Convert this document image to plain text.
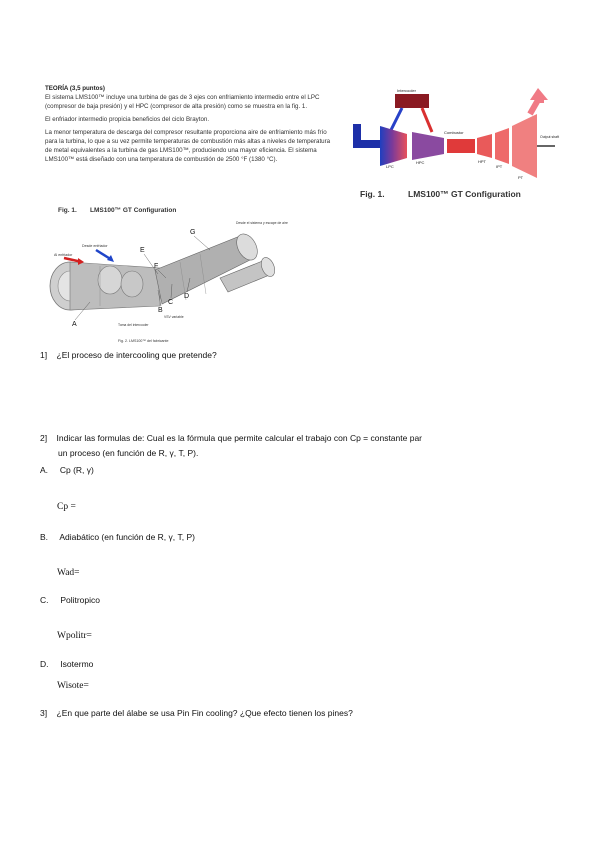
TEORÍA (3,5 puntos)

El sistema LMS100™ incluye una turbina de gas de 3 ejes con enfriamiento intermedio entre el LPC (compresor de baja presión) y el HPC (compresor de alta presión) como se muestra en la fig. 1.

El enfriador intermedio propicia beneficios del ciclo Brayton.

La menor temperatura de descarga del compresor resultante proporciona aire de enfriamiento más frío para la turbina, lo que a su vez permite temperaturas de combustión más altas a niveles de temperatura de metal equivalentes a la turbina de gas LMS100™, produciendo una mayor eficiencia. El sistema LMS100™ está diseñado con una temperatura de combustión de 2500 °F (1380 °C).

Intercooler
Combustor
Output shaft
LPC
HPC	HPT
IPT
PT
Fig. 1.	LMS100™ GT Configuration
Fig. 1. LMS100™ GT Configuration
Al enfriador
Desde enfriador
Desde el sistema y escape de aire
VSV variable
Toma del intercooler
A
B
C
D
E
F
G
Fig. 2. LMS100™ del fabricante
1] ¿El proceso de intercooling que pretende?
2] Indicar las formulas de: Cual es la fórmula que permite calcular el trabajo con Cp = constante par
un proceso (en función de R, γ, T, P).
A. Cp (R, γ)
Cp =
B. Adiabático (en función de R, γ, T, P)
Wad=
C. Politropico
Wpolitr=
D. Isotermo
Wisote=
3] ¿En que parte del álabe se usa Pin Fin cooling? ¿Que efecto tienen los pines?
